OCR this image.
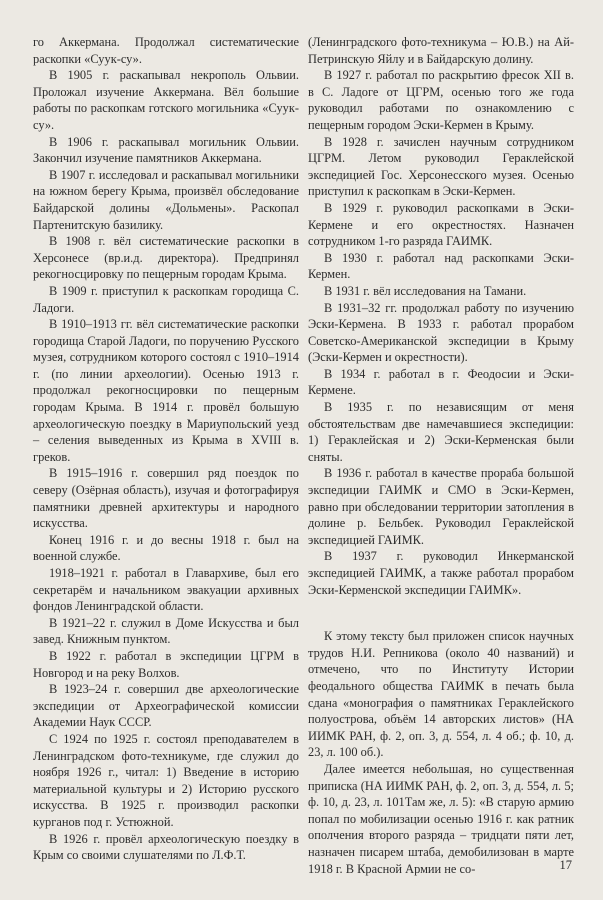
го Аккермана. Продолжал систематические раскопки «Суук-су».

В 1905 г. раскапывал некрополь Ольвии. Проложал изучение Аккермана. Вёл большие работы по раскопкам готского могильника «Суук-су».

В 1906 г. раскапывал могильник Ольвии. Закончил изучение памятников Аккермана.

В 1907 г. исследовал и раскапывал могильники на южном берегу Крыма, произвёл обследование Байдарской долины «Дольмены». Раскопал Партенитскую базилику.

В 1908 г. вёл систематические раскопки в Херсонесе (вр.и.д. директора). Предпринял рекогносцировку по пещерным городам Крыма.

В 1909 г. приступил к раскопкам городища С. Ладоги.

В 1910–1913 гг. вёл систематические раскопки городища Старой Ладоги, по поручению Русского музея, сотрудником которого состоял с 1910–1914 г. (по линии археологии). Осенью 1913 г. продолжал рекогносцировки по пещерным городам Крыма. В 1914 г. провёл большую археологическую поездку в Мариупольский уезд – селения выведенных из Крыма в XVIII в. греков.

В 1915–1916 г. совершил ряд поездок по северу (Озёрная область), изучая и фотографируя памятники древней архитектуры и народного искусства.

Конец 1916 г. и до весны 1918 г. был на военной службе.

1918–1921 г. работал в Главархиве, был его секретарём и начальником эвакуации архивных фондов Ленинградской области.

В 1921–22 г. служил в Доме Искусства и был завед. Книжным пунктом.

В 1922 г. работал в экспедиции ЦГРМ в Новгород и на реку Волхов.

В 1923–24 г. совершил две археологические экспедиции от Археографической комиссии Академии Наук СССР.

С 1924 по 1925 г. состоял преподавателем в Ленинградском фото-техникуме, где служил до ноября 1926 г., читал: 1) Введение в историю материальной культуры и 2) Историю русского искусства. В 1925 г. производил раскопки курганов под г. Устюжной.

В 1926 г. провёл археологическую поездку в Крым со своими слушателями по Л.Ф.Т.

(Ленинградского фото-техникума – Ю.В.) на Ай-Петринскую Яйлу и в Байдарскую долину.

В 1927 г. работал по раскрытию фресок XII в. в С. Ладоге от ЦГРМ, осенью того же года руководил работами по ознакомлению с пещерным городом Эски-Кермен в Крыму.

В 1928 г. зачислен научным сотрудником ЦГРМ. Летом руководил Гераклейской экспедицией Гос. Херсонесского музея. Осенью приступил к раскопкам в Эски-Кермен.

В 1929 г. руководил раскопками в Эски-Кермене и его окрестностях. Назначен сотрудником 1-го разряда ГАИМК.

В 1930 г. работал над раскопками Эски-Кермен.

В 1931 г. вёл исследования на Тамани.

В 1931–32 гг. продолжал работу по изучению Эски-Кермена. В 1933 г. работал прорабом Советско-Американской экспедиции в Крыму (Эски-Кермен и окрестности).

В 1934 г. работал в г. Феодосии и Эски-Кермене.

В 1935 г. по независящим от меня обстоятельствам две намечавшиеся экспедиции: 1) Гераклейская и 2) Эски-Керменская были сняты.

В 1936 г. работал в качестве прораба большой экспедиции ГАИМК и СМО в Эски-Кермен, равно при обследовании территории затопления в долине р. Бельбек. Руководил Гераклейской экспедицией ГАИМК.

В 1937 г. руководил Инкерманской экспедицией ГАИМК, а также работал прорабом Эски-Керменской экспедиции ГАИМК».

К этому тексту был приложен список научных трудов Н.И. Репникова (около 40 названий) и отмечено, что по Институту Истории феодального общества ГАИМК в печать была сдана «монография о памятниках Гераклейского полуострова, объём 14 авторских листов» (НА ИИМК РАН, ф. 2, оп. 3, д. 554, л. 4 об.; ф. 10, д. 23, л. 100 об.).

Далее имеется небольшая, но существенная приписка (НА ИИМК РАН, ф. 2, оп. 3, д. 554, л. 5; ф. 10, д. 23, л. 101Там же, л. 5): «В старую армию попал по мобилизации осенью 1916 г. как ратник ополчения второго разряда – тридцати пяти лет, назначен писарем штаба, демобилизован в марте 1918 г. В Красной Армии не со-	17
